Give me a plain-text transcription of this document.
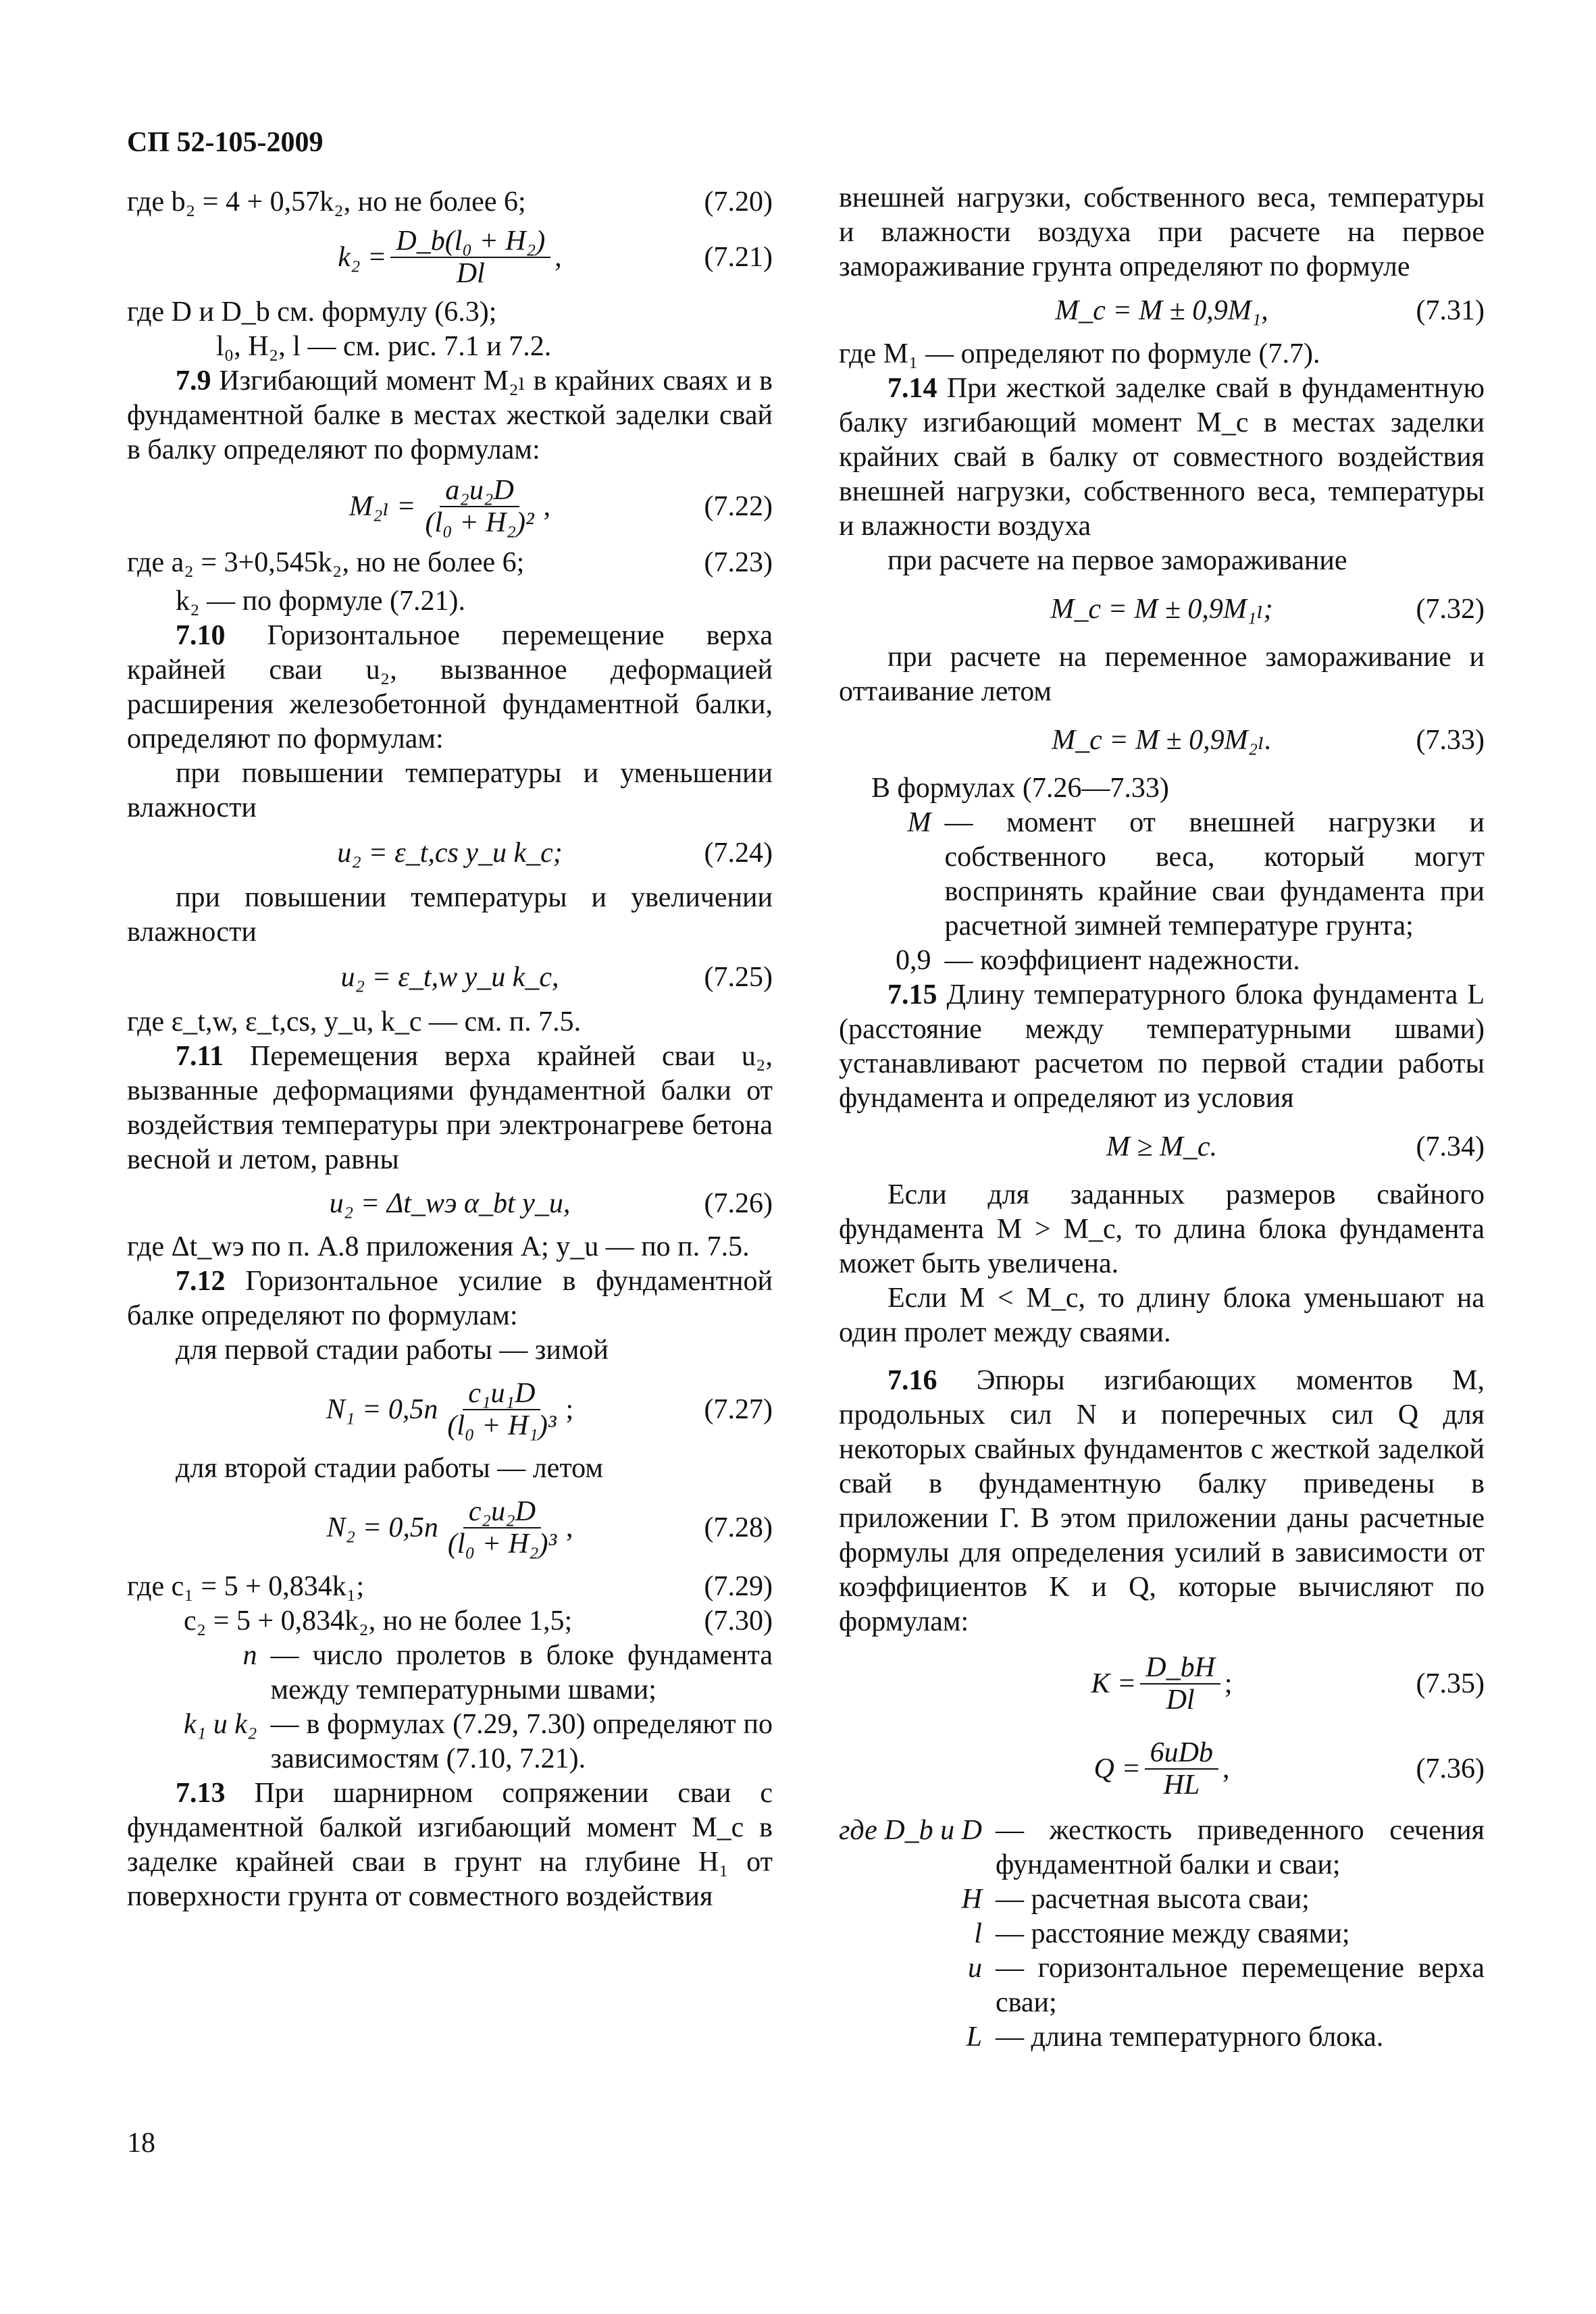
СП 52-105-2009
где b₂ = 4 + 0,57k₂, но не более 6;	(7.20)
$k_2 = \frac{\text{D\_b(l₀ + H₂)}}{Dl}$ ,	(7.21)

где D и D_b см. формулу (6.3);

l₀, H₂, l — см. рис. 7.1 и 7.2.

7.9 Изгибающий момент M₂ₗ в крайних сваях и в фундаментной балке в местах жесткой заделки свай в балку определяют по формулам:

$M_{2l} = \frac{\text{a₂u₂D}}{\text{(l₀ + H₂)²}}$ ,	(7.22)
где a₂ = 3+0,545k₂, но не более 6;	(7.23)

k₂ — по формуле (7.21).

7.10 Горизонтальное перемещение верха крайней сваи u₂, вызванное деформацией расширения железобетонной фундаментной балки, определяют по формулам:

при повышении температуры и уменьшении влажности

u₂ = ε_t,cs y_u k_c;	(7.24)

при повышении температуры и увеличении влажности

u₂ = ε_t,w y_u k_c,	(7.25)

где ε_t,w, ε_t,cs, y_u, k_c — см. п. 7.5.

7.11 Перемещения верха крайней сваи u₂, вызванные деформациями фундаментной балки от воздействия температуры при электронагреве бетона весной и летом, равны

u₂ = Δt_wэ α_bt y_u,	(7.26)

где Δt_wэ по п. А.8 приложения А; y_u — по п. 7.5.

7.12 Горизонтальное усилие в фундаментной балке определяют по формулам:

для первой стадии работы — зимой

$N_1 = 0,5n \frac{\text{c₁u₁D}}{\text{(l₀ + H₁)³}}$ ;	(7.27)

для второй стадии работы — летом

$N_2 = 0,5n \frac{\text{c₂u₂D}}{\text{(l₀ + H₂)³}}$ ,	(7.28)
где c₁ = 5 + 0,834k₁;	(7.29)
c₂ = 5 + 0,834k₂, но не более 1,5;	(7.30)
n — число пролетов в блоке фундамента между температурными швами;
k₁ и k₂ — в формулах (7.29, 7.30) определяют по зависимостям (7.10, 7.21).

7.13 При шарнирном сопряжении сваи с фундаментной балкой изгибающий момент M_c в заделке крайней сваи в грунт на глубине H₁ от поверхности грунта от совместного воздействия

внешней нагрузки, собственного веса, температуры и влажности воздуха при расчете на первое замораживание грунта определяют по формуле

M_c = M ± 0,9M₁,	(7.31)

где M₁ — определяют по формуле (7.7).

7.14 При жесткой заделке свай в фундаментную балку изгибающий момент M_c в местах заделки крайних свай в балку от совместного воздействия внешней нагрузки, собственного веса, температуры и влажности воздуха

при расчете на первое замораживание

M_c = M ± 0,9M₁ₗ;	(7.32)

при расчете на переменное замораживание и оттаивание летом

M_c = M ± 0,9M₂ₗ.	(7.33)

В формулах (7.26—7.33)

M — момент от внешней нагрузки и собственного веса, который могут воспринять крайние сваи фундамента при расчетной зимней температуре грунта;
0,9 — коэффициент надежности.

7.15 Длину температурного блока фундамента L (расстояние между температурными швами) устанавливают расчетом по первой стадии работы фундамента и определяют из условия

M ≥ M_c.	(7.34)

Если для заданных размеров свайного фундамента M > M_c, то длина блока фундамента может быть увеличена.

Если M < M_c, то длину блока уменьшают на один пролет между сваями.

7.16 Эпюры изгибающих моментов M, продольных сил N и поперечных сил Q для некоторых свайных фундаментов с жесткой заделкой свай в фундаментную балку приведены в приложении Г. В этом приложении даны расчетные формулы для определения усилий в зависимости от коэффициентов K и Q, которые вычисляют по формулам:

$K = \frac{D\_bH}{Dl}$ ;	(7.35)
$Q = \frac{\text{6uDb}}{HL}$ ,	(7.36)
где D_b и D — жесткость приведенного сечения фундаментной балки и сваи;
H — расчетная высота сваи;
l — расстояние между сваями;
u — горизонтальное перемещение верха сваи;
L — длина температурного блока.
18
